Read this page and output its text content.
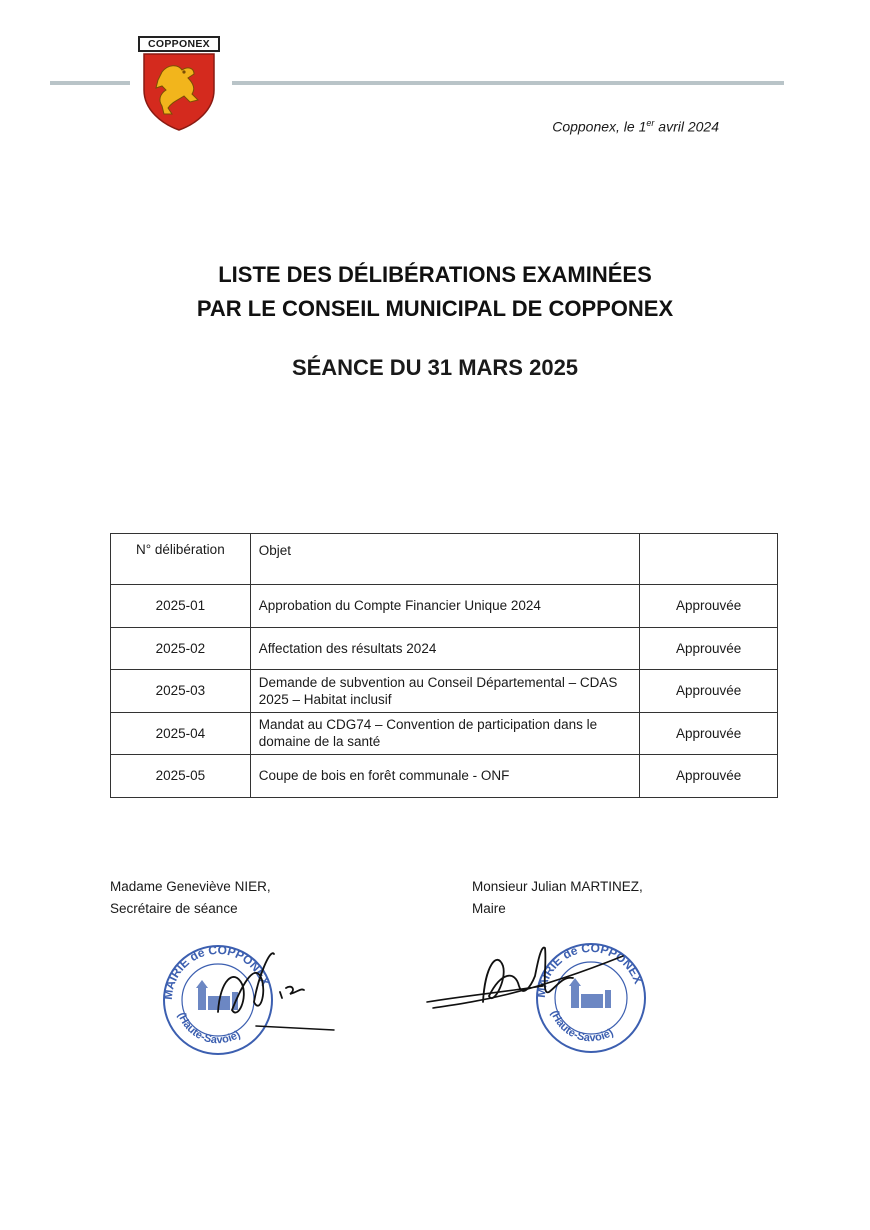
COPPONEX
Copponex, le 1er avril 2024
LISTE DES DÉLIBÉRATIONS EXAMINÉES
PAR LE CONSEIL MUNICIPAL DE COPPONEX
SÉANCE DU 31 MARS 2025
N° délibération	Objet	
2025-01	Approbation du Compte Financier Unique 2024	Approuvée
2025-02	Affectation des résultats 2024	Approuvée
2025-03	Demande de subvention au Conseil Départemental – CDAS 2025 – Habitat inclusif	Approuvée
2025-04	Mandat au CDG74 – Convention de participation dans le domaine de la santé	Approuvée
2025-05	Coupe de bois en forêt communale - ONF	Approuvée
Madame Geneviève NIER,
Secrétaire de séance
Monsieur Julian MARTINEZ,
Maire
MAIRIE de COPPONEX
(Haute-Savoie)
MAIRIE de COPPONEX
(Haute-Savoie)
